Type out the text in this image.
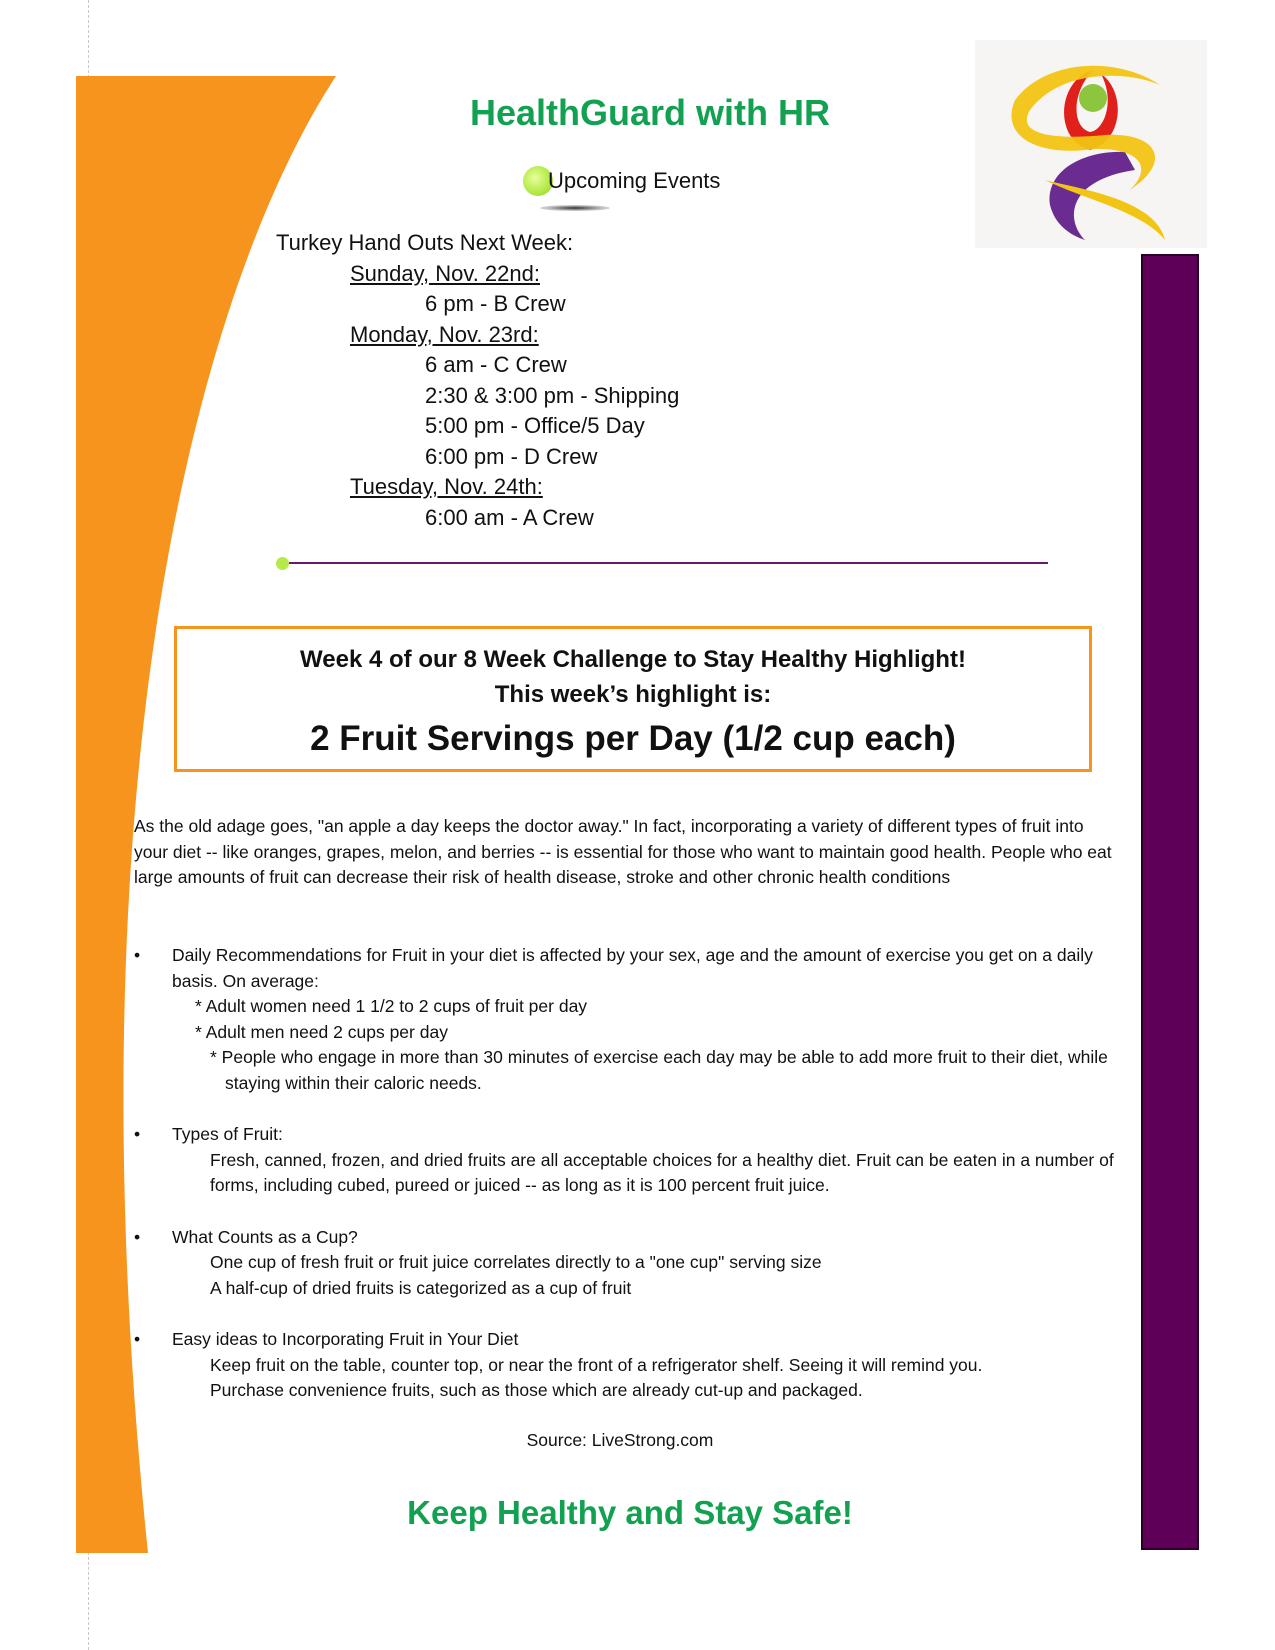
HealthGuard with HR
Upcoming Events
Turkey Hand Outs Next Week:
Sunday, Nov. 22nd:
6 pm - B Crew
Monday, Nov. 23rd:
6 am - C Crew
2:30 & 3:00 pm - Shipping
5:00 pm - Office/5 Day
6:00 pm - D Crew
Tuesday, Nov. 24th:
6:00 am - A Crew
Week 4 of our 8 Week Challenge to Stay Healthy Highlight!
This week’s highlight is:
2 Fruit Servings per Day (1/2 cup each)
As the old adage goes, "an apple a day keeps the doctor away." In fact, incorporating a variety of different types of fruit into your diet -- like oranges, grapes, melon, and berries -- is essential for those who want to maintain good health. People who eat large amounts of fruit can decrease their risk of health disease, stroke and other chronic health conditions
• Daily Recommendations for Fruit in your diet is affected by your sex, age and the amount of exercise you get on a daily basis. On average:
* Adult women need 1 1/2 to 2 cups of fruit per day
* Adult men need 2 cups per day
* People who engage in more than 30 minutes of exercise each day may be able to add more fruit to their diet, while staying within their caloric needs.
• Types of Fruit:
Fresh, canned, frozen, and dried fruits are all acceptable choices for a healthy diet. Fruit can be eaten in a number of forms, including cubed, pureed or juiced -- as long as it is 100 percent fruit juice.
• What Counts as a Cup?
One cup of fresh fruit or fruit juice correlates directly to a "one cup" serving size
A half-cup of dried fruits is categorized as a cup of fruit
• Easy ideas to Incorporating Fruit in Your Diet
Keep fruit on the table, counter top, or near the front of a refrigerator shelf. Seeing it will remind you.
Purchase convenience fruits, such as those which are already cut-up and packaged.
Source: LiveStrong.com
Keep Healthy and Stay Safe!
